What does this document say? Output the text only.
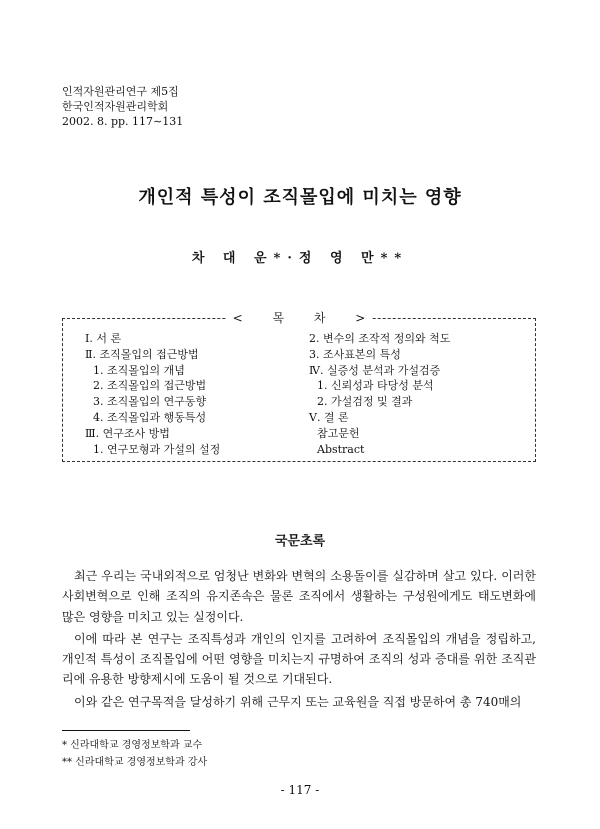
인적자원관리연구 제5집
한국인적자원관리학회
2002. 8. pp. 117∼131
개인적 특성이 조직몰입에 미치는 영향
차 대 운*·정 영 만**
< 목 차 >
Ⅰ. 서 론
Ⅱ. 조직몰입의 접근방법
1. 조직몰입의 개념
2. 조직몰입의 접근방법
3. 조직몰입의 연구동향
4. 조직몰입과 행동특성
Ⅲ. 연구조사 방법
1. 연구모형과 가설의 설정
2. 변수의 조작적 정의와 척도
3. 조사표본의 특성
Ⅳ. 실증성 분석과 가설검증
1. 신뢰성과 타당성 분석
2. 가설검정 및 결과
Ⅴ. 결 론
참고문헌
Abstract
국문초록

최근 우리는 국내외적으로 엄청난 변화와 변혁의 소용돌이를 실감하며 살고 있다. 이러한 사회변혁으로 인해 조직의 유지존속은 물론 조직에서 생활하는 구성원에게도 태도변화에 많은 영향을 미치고 있는 실정이다.

이에 따라 본 연구는 조직특성과 개인의 인지를 고려하여 조직몰입의 개념을 정립하고, 개인적 특성이 조직몰입에 어떤 영향을 미치는지 규명하여 조직의 성과 증대를 위한 조직관리에 유용한 방향제시에 도움이 될 것으로 기대된다.

이와 같은 연구목적을 달성하기 위해 근무지 또는 교육원을 직접 방문하여 총 740매의

* 신라대학교 경영정보학과 교수
** 신라대학교 경영정보학과 강사
- 117 -
